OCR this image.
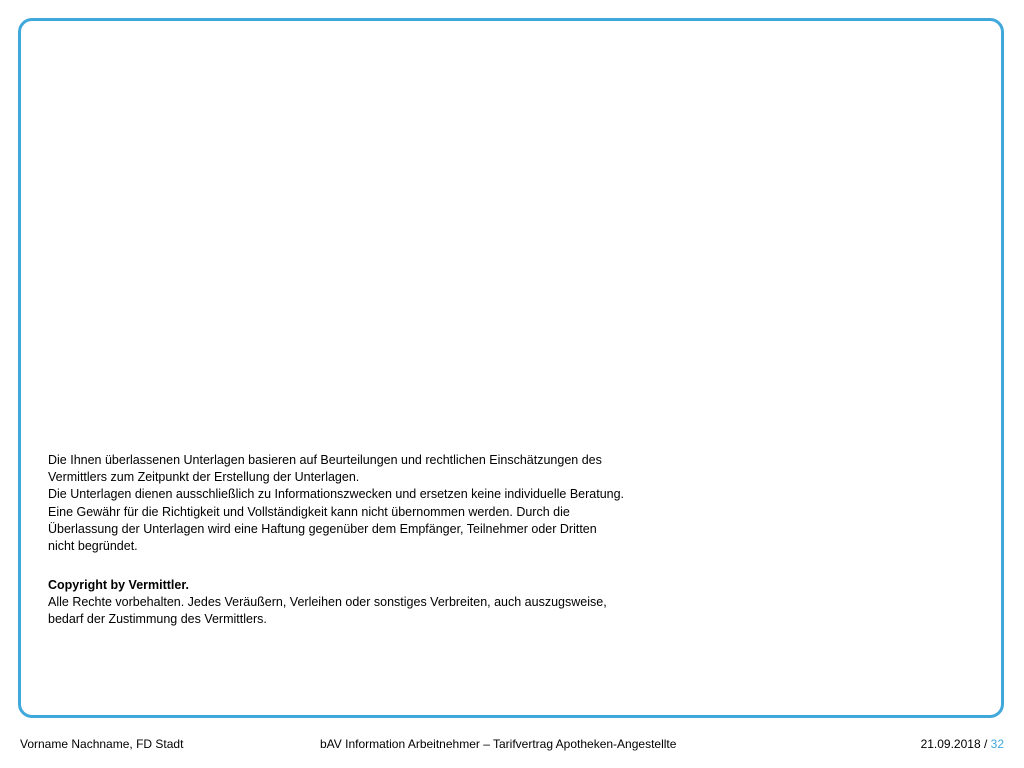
Die Ihnen überlassenen Unterlagen basieren auf Beurteilungen und rechtlichen Einschätzungen des

Vermittlers zum Zeitpunkt der Erstellung der Unterlagen.

Die Unterlagen dienen ausschließlich zu Informationszwecken und ersetzen keine individuelle Beratung.

Eine Gewähr für die Richtigkeit und Vollständigkeit kann nicht übernommen werden. Durch die

Überlassung der Unterlagen wird eine Haftung gegenüber dem Empfänger, Teilnehmer oder Dritten

nicht begründet.

Copyright by Vermittler.

Alle Rechte vorbehalten. Jedes Veräußern, Verleihen oder sonstiges Verbreiten, auch auszugsweise,

bedarf der Zustimmung des Vermittlers.

Vorname Nachname, FD Stadt	bAV Information Arbeitnehmer – Tarifvertrag Apotheken-Angestellte	21.09.2018 / 32
